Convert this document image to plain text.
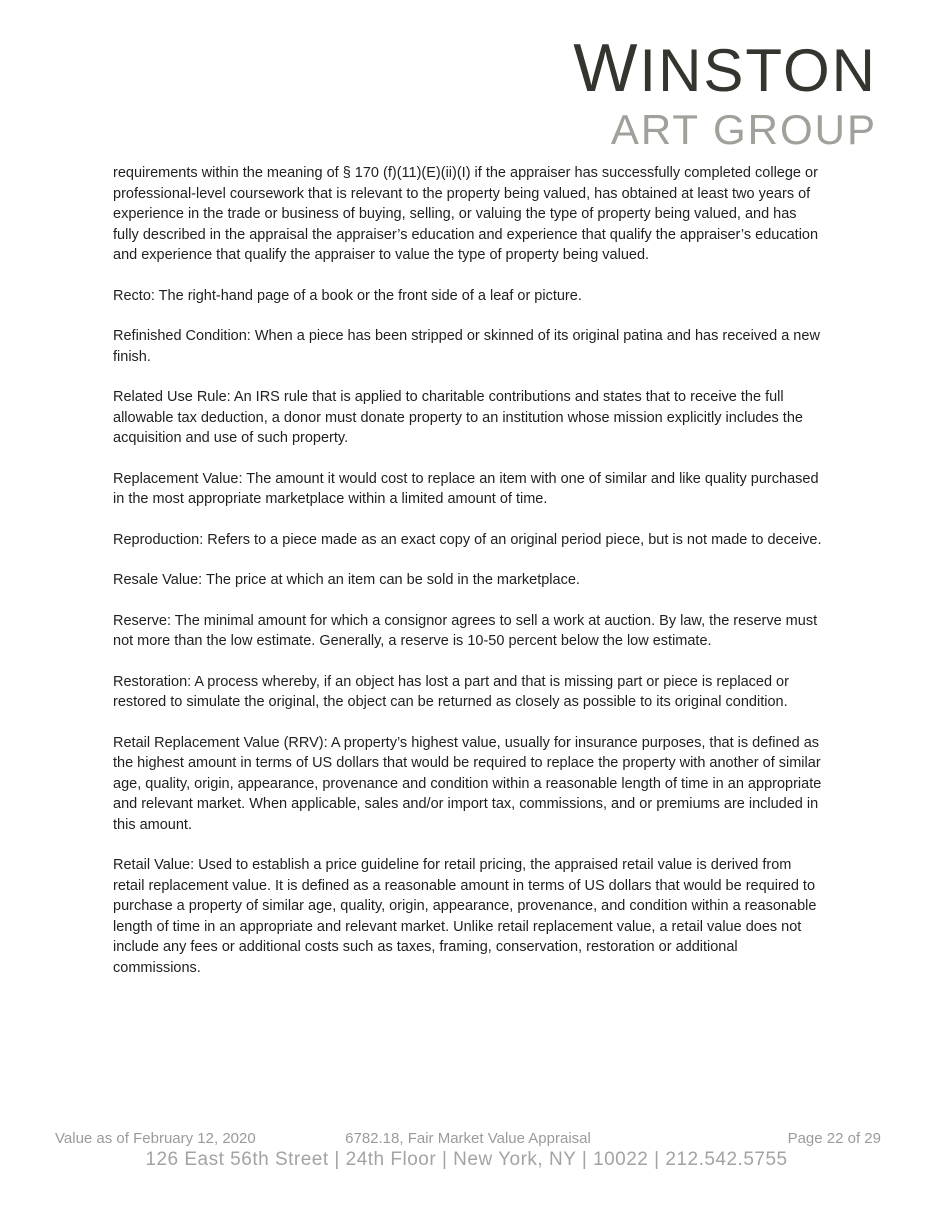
WINSTON
ART GROUP

requirements within the meaning of § 170 (f)(11)(E)(ii)(I) if the appraiser has successfully completed college or professional-level coursework that is relevant to the property being valued, has obtained at least two years of experience in the trade or business of buying, selling, or valuing the type of property being valued, and has fully described in the appraisal the appraiser’s education and experience that qualify the appraiser’s education and experience that qualify the appraiser to value the type of property being valued.

Recto: The right-hand page of a book or the front side of a leaf or picture.

Refinished Condition: When a piece has been stripped or skinned of its original patina and has received a new finish.

Related Use Rule: An IRS rule that is applied to charitable contributions and states that to receive the full allowable tax deduction, a donor must donate property to an institution whose mission explicitly includes the acquisition and use of such property.

Replacement Value: The amount it would cost to replace an item with one of similar and like quality purchased in the most appropriate marketplace within a limited amount of time.

Reproduction: Refers to a piece made as an exact copy of an original period piece, but is not made to deceive.

Resale Value: The price at which an item can be sold in the marketplace.

Reserve: The minimal amount for which a consignor agrees to sell a work at auction. By law, the reserve must not more than the low estimate. Generally, a reserve is 10-50 percent below the low estimate.

Restoration: A process whereby, if an object has lost a part and that is missing part or piece is replaced or restored to simulate the original, the object can be returned as closely as possible to its original condition.

Retail Replacement Value (RRV): A property’s highest value, usually for insurance purposes, that is defined as the highest amount in terms of US dollars that would be required to replace the property with another of similar age, quality, origin, appearance, provenance and condition within a reasonable length of time in an appropriate and relevant market. When applicable, sales and/or import tax, commissions, and or premiums are included in this amount.

Retail Value: Used to establish a price guideline for retail pricing, the appraised retail value is derived from retail replacement value. It is defined as a reasonable amount in terms of US dollars that would be required to purchase a property of similar age, quality, origin, appearance, provenance, and condition within a reasonable length of time in an appropriate and relevant market. Unlike retail replacement value, a retail value does not include any fees or additional costs such as taxes, framing, conservation, restoration or additional commissions.

Value as of February 12, 2020	6782.18, Fair Market Value Appraisal	Page 22 of 29
126 East 56th Street | 24th Floor | New York, NY | 10022 | 212.542.5755
